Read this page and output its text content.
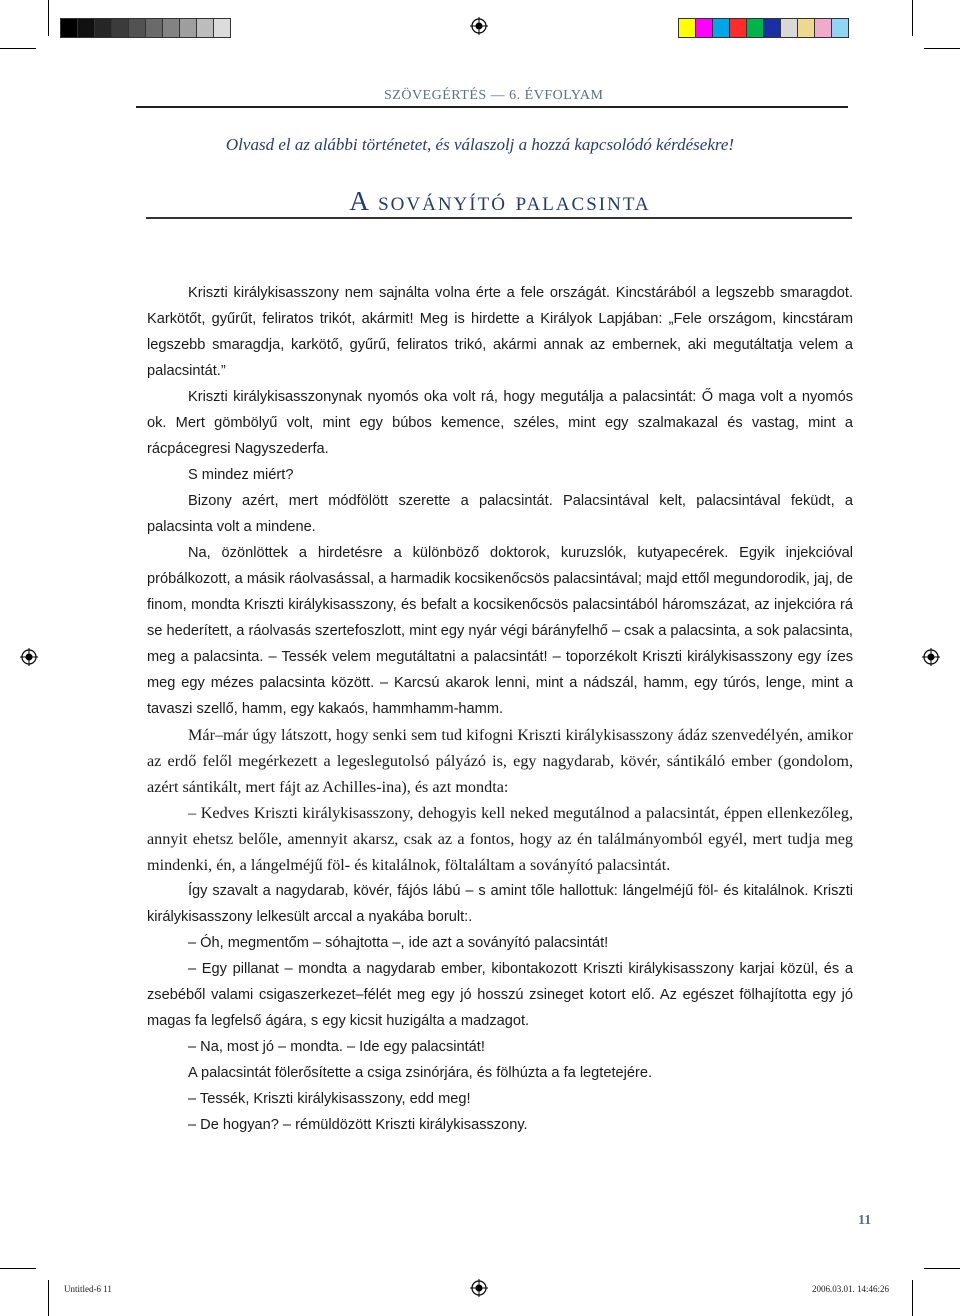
SZÖVEGÉRTÉS — 6. ÉVFOLYAM
Olvasd el az alábbi történetet, és válaszolj a hozzá kapcsolódó kérdésekre!
A soványító palacsinta

Kriszti királykisasszony nem sajnálta volna érte a fele országát. Kincstárából a legszebb smaragdot. Karkötőt, gyűrűt, feliratos trikót, akármit! Meg is hirdette a Királyok Lapjában: „Fele országom, kincstáram legszebb smaragdja, karkötő, gyűrű, feliratos trikó, akármi annak az embernek, aki megutáltatja velem a palacsintát.”

Kriszti királykisasszonynak nyomós oka volt rá, hogy megutálja a palacsintát: Ő maga volt a nyomós ok. Mert gömbölyű volt, mint egy búbos kemence, széles, mint egy szalmakazal és vastag, mint a rácpácegresi Nagyszederfa.

S mindez miért?

Bizony azért, mert módfölött szerette a palacsintát. Palacsintával kelt, palacsintával feküdt, a palacsinta volt a mindene.

Na, özönlöttek a hirdetésre a különböző doktorok, kuruzslók, kutyapecérek. Egyik injekcióval próbálkozott, a másik ráolvasással, a harmadik kocsikenőcsös palacsintával; majd ettől megundorodik, jaj, de finom, mondta Kriszti királykisasszony, és befalt a kocsikenőcsös palacsintából háromszázat, az injekcióra rá se hederített, a ráolvasás szertefoszlott, mint egy nyár végi bárányfelhő – csak a palacsinta, a sok palacsinta, meg a palacsinta. – Tessék velem megutáltatni a palacsintát! – toporzékolt Kriszti királykisasszony egy ízes meg egy mézes palacsinta között. – Karcsú akarok lenni, mint a nádszál, hamm, egy túrós, lenge, mint a tavaszi szellő, hamm, egy kakaós, hammhamm-hamm.

Már–már úgy látszott, hogy senki sem tud kifogni Kriszti királykisasszony ádáz szenvedélyén, amikor az erdő felől megérkezett a legeslegutolsó pályázó is, egy nagydarab, kövér, sántikáló ember (gondolom, azért sántikált, mert fájt az Achilles-ina), és azt mondta:

– Kedves Kriszti királykisasszony, dehogyis kell neked megutálnod a palacsintát, éppen ellenkezőleg, annyit ehetsz belőle, amennyit akarsz, csak az a fontos, hogy az én találmányomból egyél, mert tudja meg mindenki, én, a lángelméjű föl- és kitalálnok, föltaláltam a soványító palacsintát.

Így szavalt a nagydarab, kövér, fájós lábú – s amint tőle hallottuk: lángelméjű föl- és kitalálnok. Kriszti királykisasszony lelkesült arccal a nyakába borult:.

– Óh, megmentőm – sóhajtotta –, ide azt a soványító palacsintát!

– Egy pillanat – mondta a nagydarab ember, kibontakozott Kriszti királykisasszony karjai közül, és a zsebéből valami csigaszerkezet–félét meg egy jó hosszú zsineget kotort elő. Az egészet fölhajította egy jó magas fa legfelső ágára, s egy kicsit huzigálta a madzagot.

– Na, most jó – mondta. – Ide egy palacsintát!

A palacsintát fölerősítette a csiga zsinórjára, és fölhúzta a fa legtetejére.

– Tessék, Kriszti királykisasszony, edd meg!

– De hogyan? – rémüldözött Kriszti királykisasszony.

11
Untitled-6 11	2006.03.01. 14:46:26
